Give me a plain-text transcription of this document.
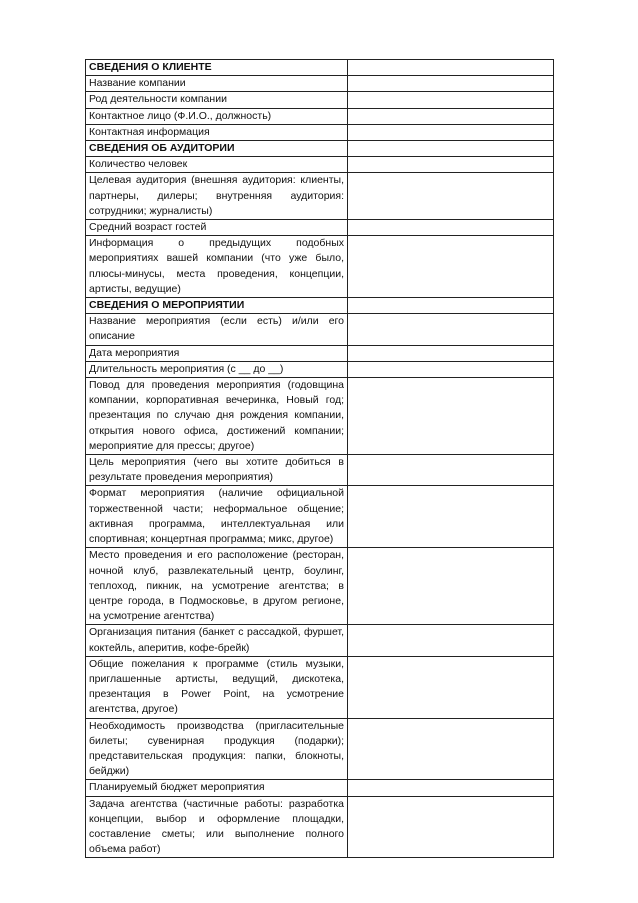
СВЕДЕНИЯ О КЛИЕНТЕ	
Название компании	
Род деятельности компании	
Контактное лицо (Ф.И.О., должность)	
Контактная информация	
СВЕДЕНИЯ ОБ АУДИТОРИИ	
Количество человек	
Целевая аудитория (внешняя аудитория: клиенты, партнеры, дилеры; внутренняя аудитория: сотрудники; журналисты)	
Средний возраст гостей	
Информация о предыдущих подобных мероприятиях вашей компании (что уже было, плюсы-минусы, места проведения, концепции, артисты, ведущие)	
СВЕДЕНИЯ О МЕРОПРИЯТИИ	
Название мероприятия (если есть) и/или его описание	
Дата мероприятия	
Длительность мероприятия (с __ до __)	
Повод для проведения мероприятия (годовщина компании, корпоративная вечеринка, Новый год; презентация по случаю дня рождения компании, открытия нового офиса, достижений компании; мероприятие для прессы; другое)	
Цель мероприятия (чего вы хотите добиться в результате проведения мероприятия)	
Формат мероприятия (наличие официальной торжественной части; неформальное общение; активная программа, интеллектуальная или спортивная; концертная программа; микс, другое)	
Место проведения и его расположение (ресторан, ночной клуб, развлекательный центр, боулинг, теплоход, пикник, на усмотрение агентства; в центре города, в Подмосковье, в другом регионе, на усмотрение агентства)	
Организация питания (банкет с рассадкой, фуршет, коктейль, аперитив, кофе-брейк)	
Общие пожелания к программе (стиль музыки, приглашенные артисты, ведущий, дискотека, презентация в Power Point, на усмотрение агентства, другое)	
Необходимость производства (пригласительные билеты; сувенирная продукция (подарки); представительская продукция: папки, блокноты, бейджи)	
Планируемый бюджет мероприятия	
Задача агентства (частичные работы: разработка концепции, выбор и оформление площадки, составление сметы; или выполнение полного объема работ)	
